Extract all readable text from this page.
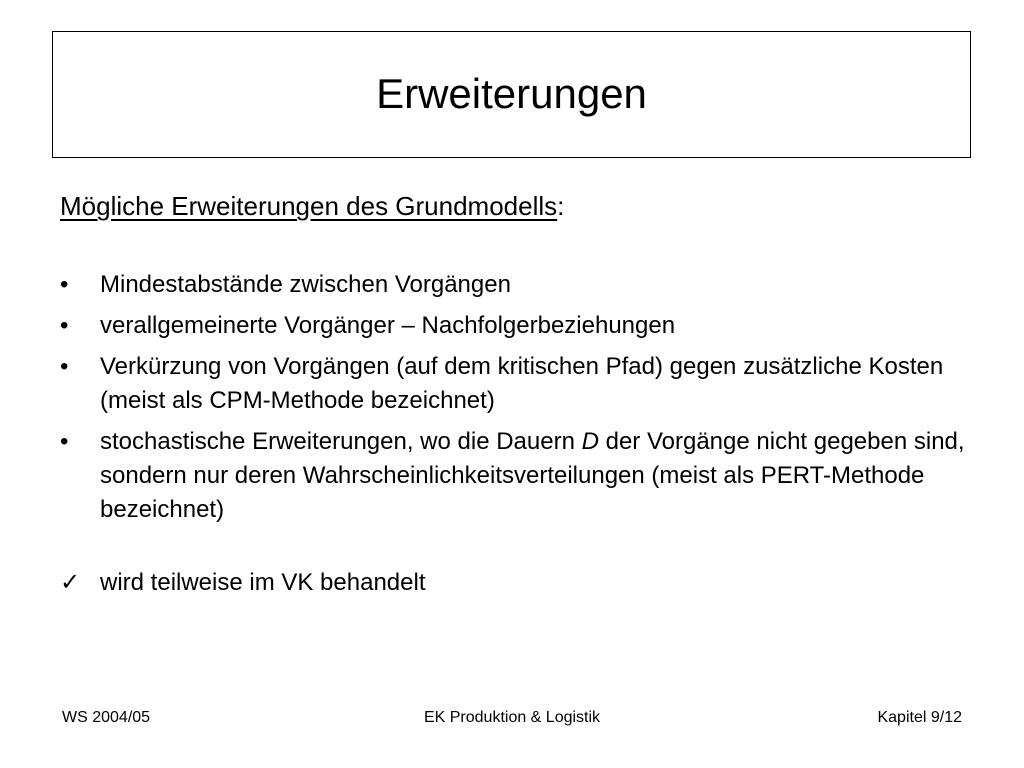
Erweiterungen

Mögliche Erweiterungen des Grundmodells:

•	Mindestabstände zwischen Vorgängen
•	verallgemeinerte Vorgänger – Nachfolgerbeziehungen
•	Verkürzung von Vorgängen (auf dem kritischen Pfad) gegen zusätzliche Kosten (meist als CPM-Methode bezeichnet)
•	stochastische Erweiterungen, wo die Dauern D der Vorgänge nicht gegeben sind, sondern nur deren Wahrscheinlichkeitsverteilungen (meist als PERT-Methode bezeichnet)
✓ wird teilweise im VK behandelt
WS 2004/05	EK Produktion & Logistik	Kapitel 9/12
